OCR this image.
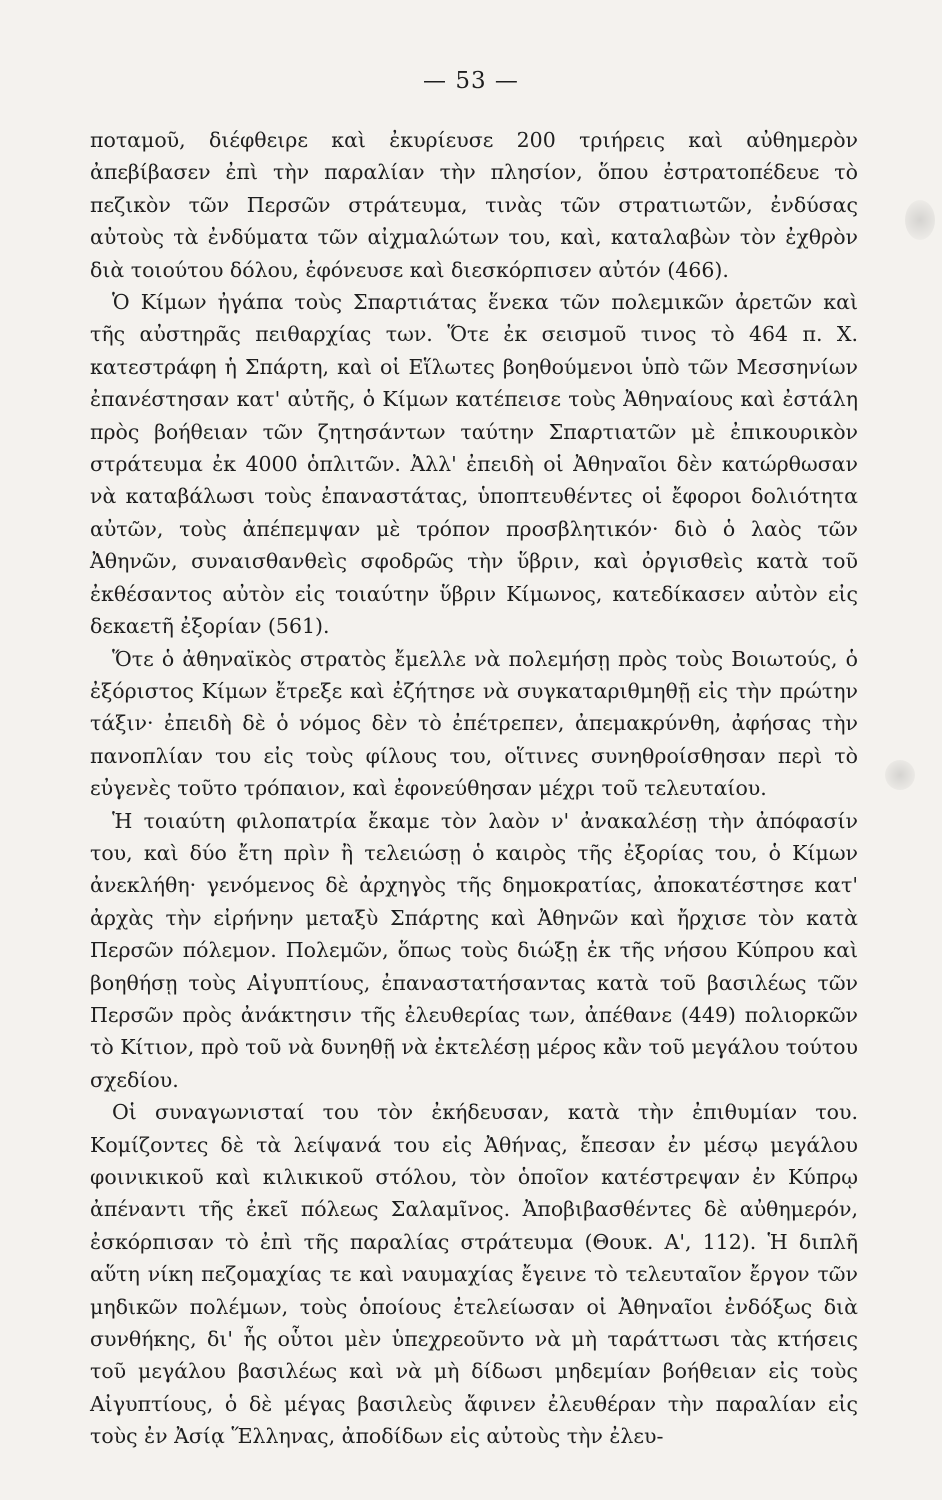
— 53 —

ποταμοῦ, διέφθειρε καὶ ἐκυρίευσε 200 τριήρεις καὶ αὐθημερὸν ἀπεβίβασεν ἐπὶ τὴν παραλίαν τὴν πλησίον, ὅπου ἐστρατοπέδευε τὸ πεζικὸν τῶν Περσῶν στράτευμα, τινὰς τῶν στρατιωτῶν, ἐνδύσας αὐτοὺς τὰ ἐνδύματα τῶν αἰχμαλώτων του, καὶ, καταλαβὼν τὸν ἐχθρὸν διὰ τοιούτου δόλου, ἐφόνευσε καὶ διεσκόρπισεν αὐτόν (466).

Ὁ Κίμων ἠγάπα τοὺς Σπαρτιάτας ἕνεκα τῶν πολεμικῶν ἀρετῶν καὶ τῆς αὐστηρᾶς πειθαρχίας των. Ὅτε ἐκ σεισμοῦ τινος τὸ 464 π. Χ. κατεστράφη ἡ Σπάρτη, καὶ οἱ Εἵλωτες βοηθούμενοι ὑπὸ τῶν Μεσσηνίων ἐπανέστησαν κατ' αὐτῆς, ὁ Κίμων κατέπεισε τοὺς Ἀθηναίους καὶ ἐστάλη πρὸς βοήθειαν τῶν ζητησάντων ταύτην Σπαρτιατῶν μὲ ἐπικουρικὸν στράτευμα ἐκ 4000 ὁπλιτῶν. Ἀλλ' ἐπειδὴ οἱ Ἀθηναῖοι δὲν κατώρθωσαν νὰ καταβάλωσι τοὺς ἐπαναστάτας, ὑποπτευθέντες οἱ ἔφοροι δολιότητα αὐτῶν, τοὺς ἀπέπεμψαν μὲ τρόπον προσβλητικόν· διὸ ὁ λαὸς τῶν Ἀθηνῶν, συναισθανθεὶς σφοδρῶς τὴν ὕβριν, καὶ ὀργισθεὶς κατὰ τοῦ ἐκθέσαντος αὐτὸν εἰς τοιαύτην ὕβριν Κίμωνος, κατεδίκασεν αὐτὸν εἰς δεκαετῆ ἐξορίαν (561).

Ὅτε ὁ ἀθηναϊκὸς στρατὸς ἔμελλε νὰ πολεμήσῃ πρὸς τοὺς Βοιωτούς, ὁ ἐξόριστος Κίμων ἔτρεξε καὶ ἐζήτησε νὰ συγκαταριθμηθῇ εἰς τὴν πρώτην τάξιν· ἐπειδὴ δὲ ὁ νόμος δὲν τὸ ἐπέτρεπεν, ἀπεμακρύνθη, ἀφήσας τὴν πανοπλίαν του εἰς τοὺς φίλους του, οἵτινες συνηθροίσθησαν περὶ τὸ εὐγενὲς τοῦτο τρόπαιον, καὶ ἐφονεύθησαν μέχρι τοῦ τελευταίου.

Ἡ τοιαύτη φιλοπατρία ἔκαμε τὸν λαὸν ν' ἀνακαλέσῃ τὴν ἀπόφασίν του, καὶ δύο ἔτη πρὶν ἢ τελειώσῃ ὁ καιρὸς τῆς ἐξορίας του, ὁ Κίμων ἀνεκλήθη· γενόμενος δὲ ἀρχηγὸς τῆς δημοκρατίας, ἀποκατέστησε κατ' ἀρχὰς τὴν εἰρήνην μεταξὺ Σπάρτης καὶ Ἀθηνῶν καὶ ἤρχισε τὸν κατὰ Περσῶν πόλεμον. Πολεμῶν, ὅπως τοὺς διώξῃ ἐκ τῆς νήσου Κύπρου καὶ βοηθήσῃ τοὺς Αἰγυπτίους, ἐπαναστατήσαντας κατὰ τοῦ βασιλέως τῶν Περσῶν πρὸς ἀνάκτησιν τῆς ἐλευθερίας των, ἀπέθανε (449) πολιορκῶν τὸ Κίτιον, πρὸ τοῦ νὰ δυνηθῇ νὰ ἐκτελέσῃ μέρος κἂν τοῦ μεγάλου τούτου σχεδίου.

Οἱ συναγωνισταί του τὸν ἐκήδευσαν, κατὰ τὴν ἐπιθυμίαν του. Κομίζοντες δὲ τὰ λείψανά του εἰς Ἀθήνας, ἔπεσαν ἐν μέσῳ μεγάλου φοινικικοῦ καὶ κιλικικοῦ στόλου, τὸν ὁποῖον κατέστρεψαν ἐν Κύπρῳ ἀπέναντι τῆς ἐκεῖ πόλεως Σαλαμῖνος. Ἀποβιβασθέντες δὲ αὐθημερόν, ἐσκόρπισαν τὸ ἐπὶ τῆς παραλίας στράτευμα (Θουκ. Α', 112). Ἡ διπλῆ αὕτη νίκη πεζομαχίας τε καὶ ναυμαχίας ἔγεινε τὸ τελευταῖον ἔργον τῶν μηδικῶν πολέμων, τοὺς ὁποίους ἐτελείωσαν οἱ Ἀθηναῖοι ἐνδόξως διὰ συνθήκης, δι' ἧς οὗτοι μὲν ὑπεχρεοῦντο νὰ μὴ ταράττωσι τὰς κτήσεις τοῦ μεγάλου βασιλέως καὶ νὰ μὴ δίδωσι μηδεμίαν βοήθειαν εἰς τοὺς Αἰγυπτίους, ὁ δὲ μέγας βασιλεὺς ἄφινεν ἐλευθέραν τὴν παραλίαν εἰς τοὺς ἐν Ἀσίᾳ Ἕλληνας, ἀποδίδων εἰς αὐτοὺς τὴν ἐλευ-
